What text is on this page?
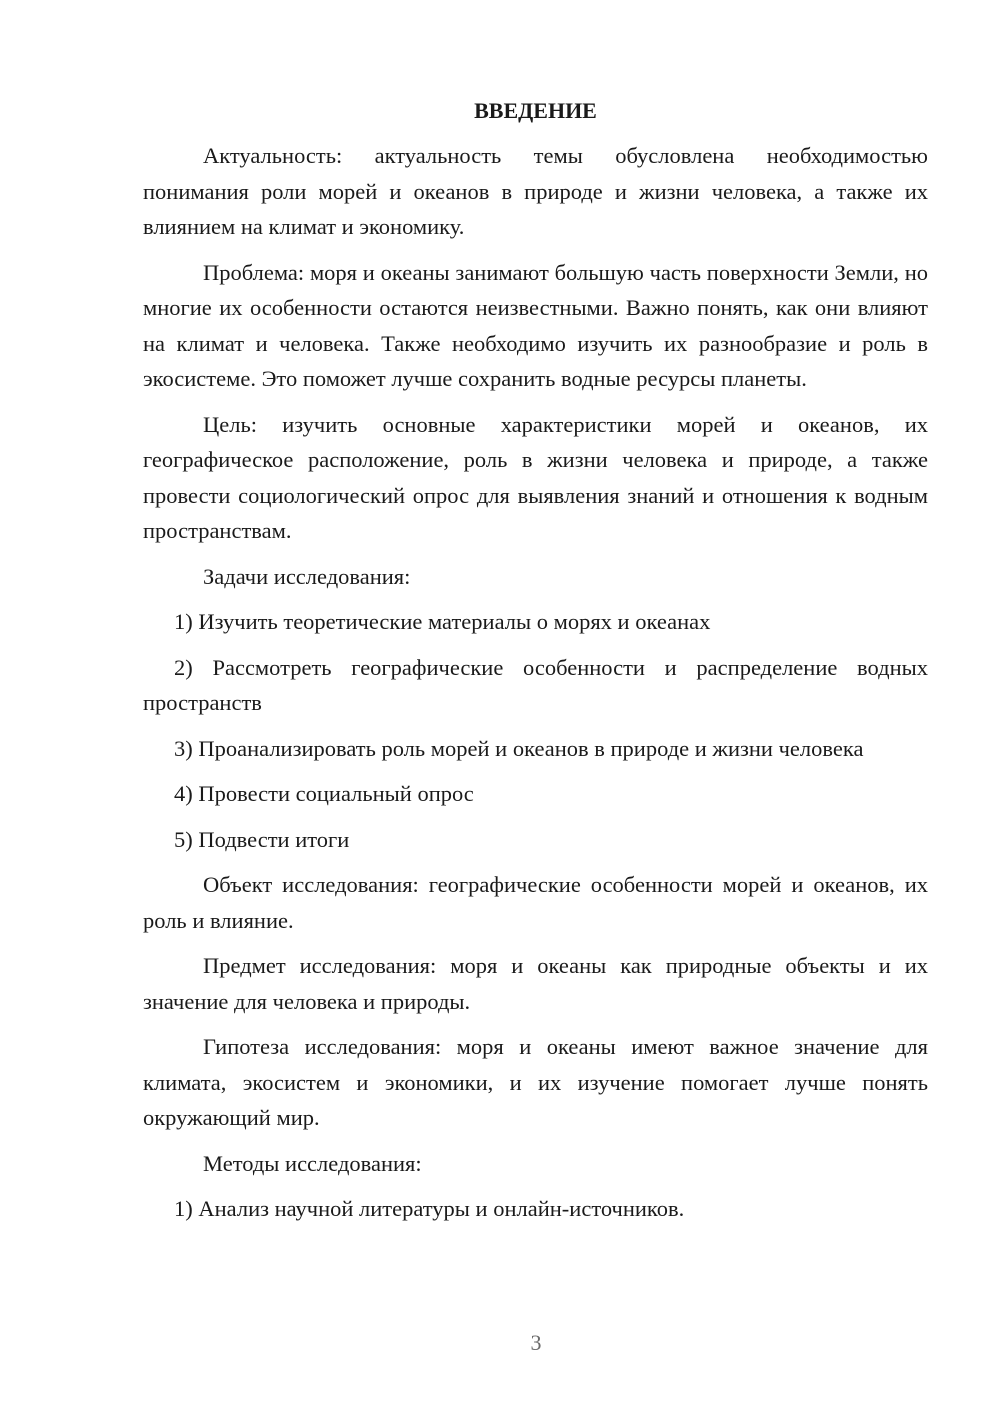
ВВЕДЕНИЕ

Актуальность: актуальность темы обусловлена необходимостью понимания роли морей и океанов в природе и жизни человека, а также их влиянием на климат и экономику.

Проблема: моря и океаны занимают большую часть поверхности Земли, но многие их особенности остаются неизвестными. Важно понять, как они влияют на климат и человека. Также необходимо изучить их разнообразие и роль в экосистеме. Это поможет лучше сохранить водные ресурсы планеты.

Цель: изучить основные характеристики морей и океанов, их географическое расположение, роль в жизни человека и природе, а также провести социологический опрос для выявления знаний и отношения к водным пространствам.

Задачи исследования:

1) Изучить теоретические материалы о морях и океанах

2) Рассмотреть географические особенности и распределение водных пространств

3) Проанализировать роль морей и океанов в природе и жизни человека

4) Провести социальный опрос

5) Подвести итоги

Объект исследования: географические особенности морей и океанов, их роль и влияние.

Предмет исследования: моря и океаны как природные объекты и их значение для человека и природы.

Гипотеза исследования: моря и океаны имеют важное значение для климата, экосистем и экономики, и их изучение помогает лучше понять окружающий мир.

Методы исследования:

1) Анализ научной литературы и онлайн-источников.

3
